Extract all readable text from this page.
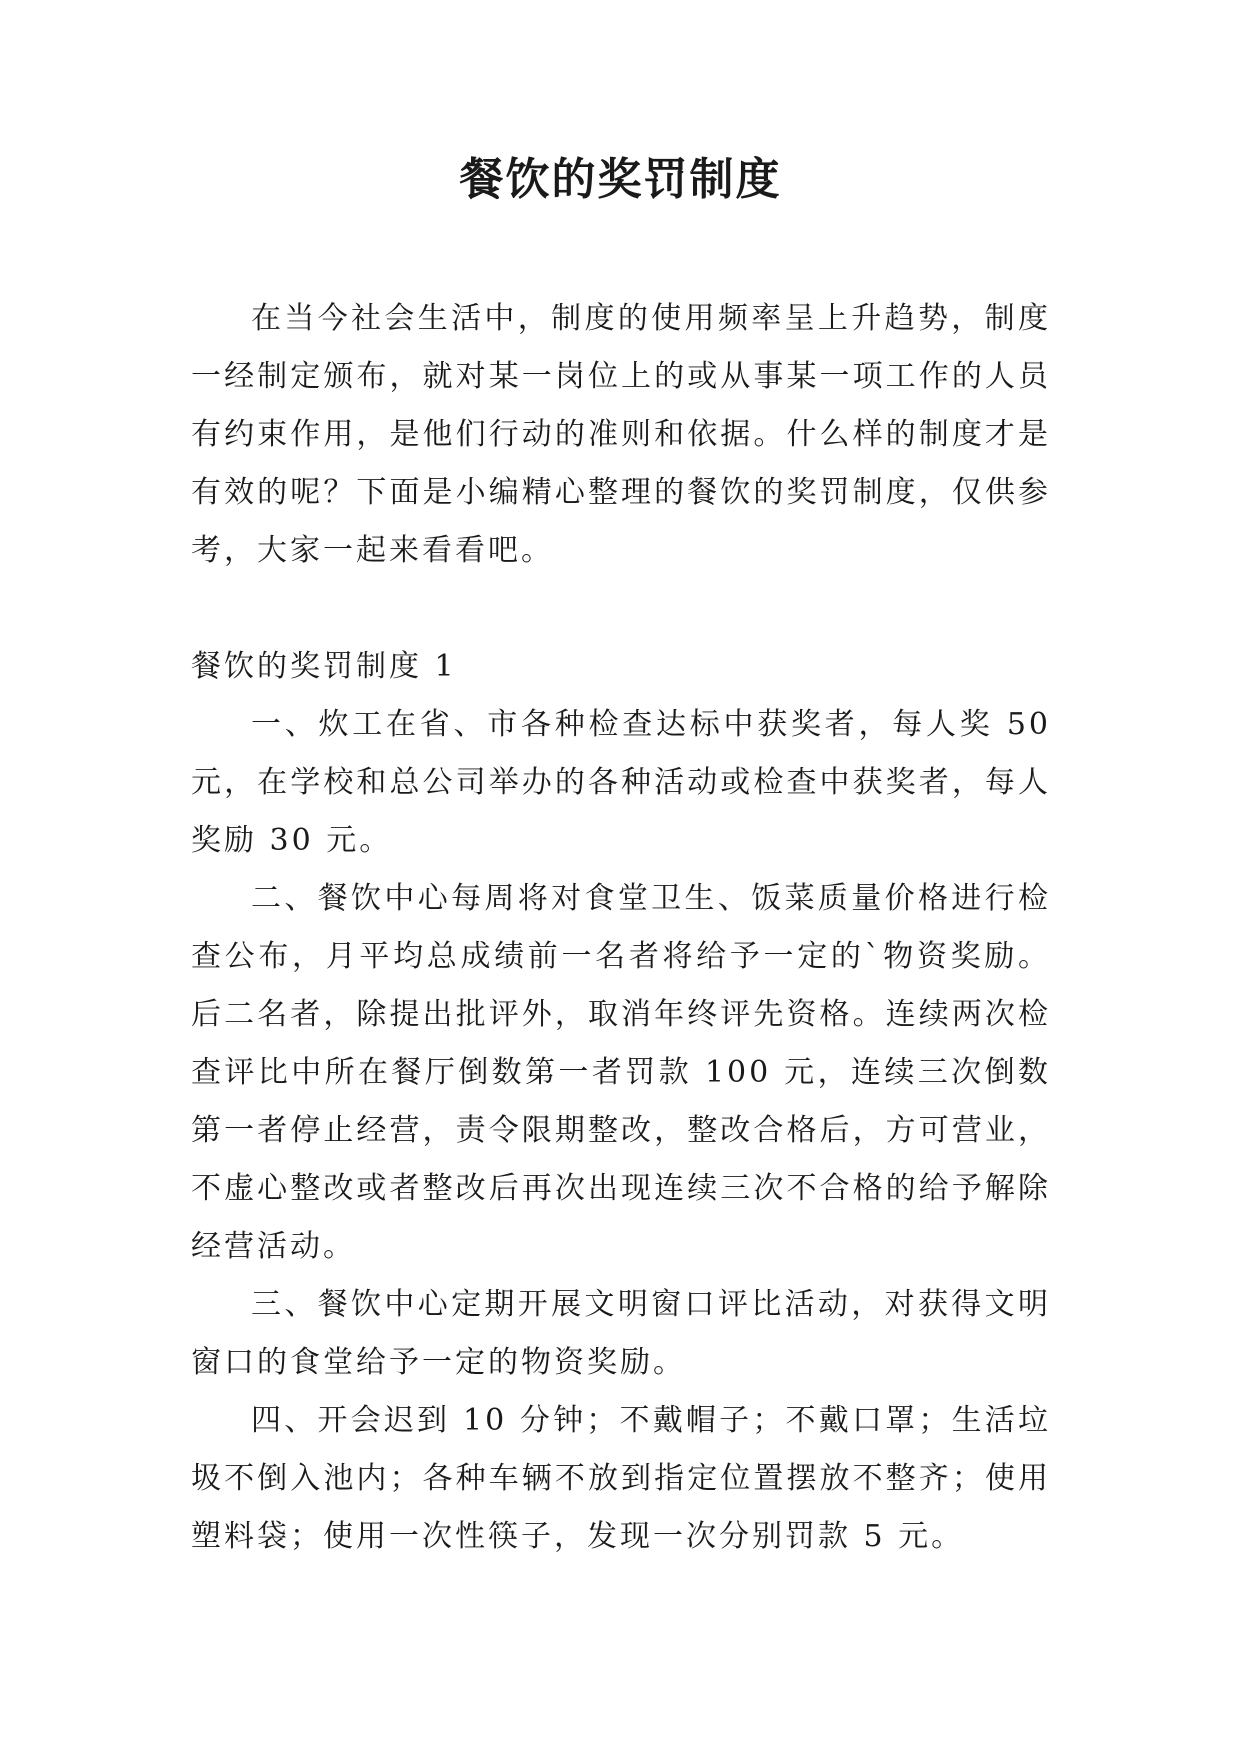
餐饮的奖罚制度

在当今社会生活中，制度的使用频率呈上升趋势，制度一经制定颁布，就对某一岗位上的或从事某一项工作的人员有约束作用，是他们行动的准则和依据。什么样的制度才是有效的呢？下面是小编精心整理的餐饮的奖罚制度，仅供参考，大家一起来看看吧。

餐饮的奖罚制度 1

一、炊工在省、市各种检查达标中获奖者，每人奖 50 元，在学校和总公司举办的各种活动或检查中获奖者，每人奖励 30 元。

二、餐饮中心每周将对食堂卫生、饭菜质量价格进行检查公布，月平均总成绩前一名者将给予一定的`物资奖励。后二名者，除提出批评外，取消年终评先资格。连续两次检查评比中所在餐厅倒数第一者罚款 100 元，连续三次倒数第一者停止经营，责令限期整改，整改合格后，方可营业，不虚心整改或者整改后再次出现连续三次不合格的给予解除经营活动。

三、餐饮中心定期开展文明窗口评比活动，对获得文明窗口的食堂给予一定的物资奖励。

四、开会迟到 10 分钟；不戴帽子；不戴口罩；生活垃圾不倒入池内；各种车辆不放到指定位置摆放不整齐；使用塑料袋；使用一次性筷子，发现一次分别罚款 5 元。
